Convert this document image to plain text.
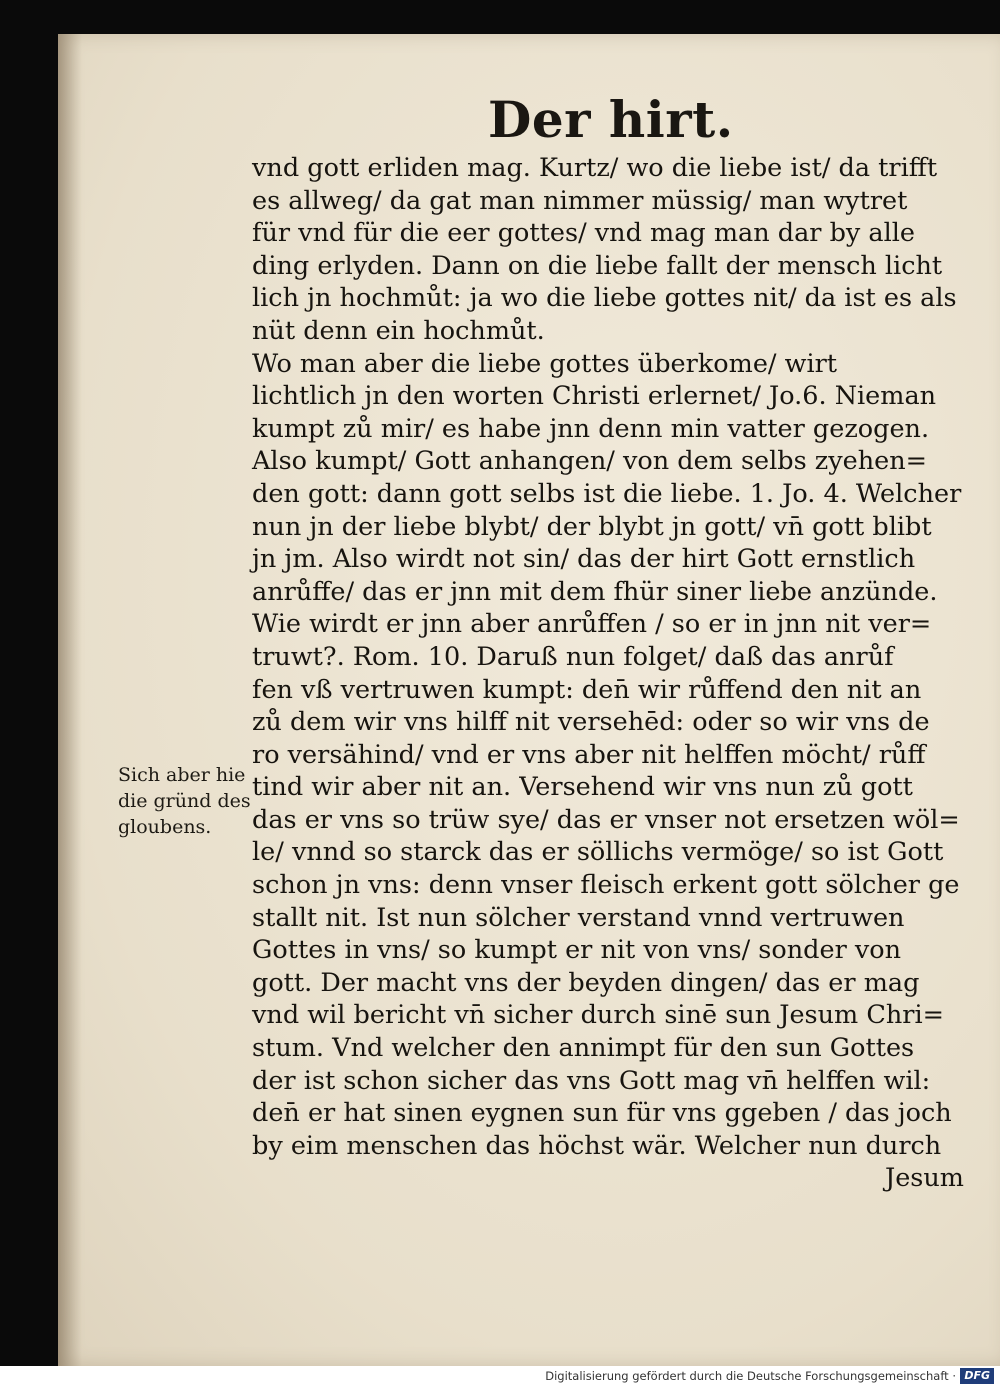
Der hirt.
vnd gott erliden mag. Kurtz/ wo die liebe ist/ da trifft
es allweg/ da gat man nimmer müssig/ man wytret
für vnd für die eer gottes/ vnd mag man dar by alle
ding erlyden. Dann on die liebe fallt der mensch licht
lich jn hochmůt: ja wo die liebe gottes nit/ da ist es als
nüt denn ein hochmůt.
Wo man aber die liebe gottes überkome/ wirt
lichtlich jn den worten Christi erlernet/ Jo.6. Nieman
kumpt zů mir/ es habe jnn denn min vatter gezogen.
Also kumpt/ Gott anhangen/ von dem selbs zyehen=
den gott: dann gott selbs ist die liebe. 1. Jo. 4. Welcher
nun jn der liebe blybt/ der blybt jn gott/ vn̄ gott blibt
jn jm. Also wirdt not sin/ das der hirt Gott ernstlich
anrůffe/ das er jnn mit dem fhür siner liebe anzünde.
Wie wirdt er jnn aber anrůffen / so er in jnn nit ver=
truwt?. Rom. 10. Daruß nun folget/ daß das anrůf
fen vß vertruwen kumpt: den̄ wir růffend den nit an
zů dem wir vns hilff nit versehēd: oder so wir vns de
ro versähind/ vnd er vns aber nit helffen möcht/ růff
tind wir aber nit an. Versehend wir vns nun zů gott
das er vns so trüw sye/ das er vnser not ersetzen wöl=
le/ vnnd so starck das er söllichs vermöge/ so ist Gott
schon jn vns: denn vnser fleisch erkent gott sölcher ge
stallt nit. Ist nun sölcher verstand vnnd vertruwen
Gottes in vns/ so kumpt er nit von vns/ sonder von
gott. Der macht vns der beyden dingen/ das er mag
vnd wil bericht vn̄ sicher durch sinē sun Jesum Chri=
stum. Vnd welcher den annimpt für den sun Gottes
der ist schon sicher das vns Gott mag vn̄ helffen wil:
den̄ er hat sinen eygnen sun für vns ggeben / das joch
by eim menschen das höchst wär. Welcher nun durch
Jesum
Sich aber hie
die gründ des
gloubens.
Digitalisierung gefördert durch die Deutsche Forschungsgemeinschaft · DFG
